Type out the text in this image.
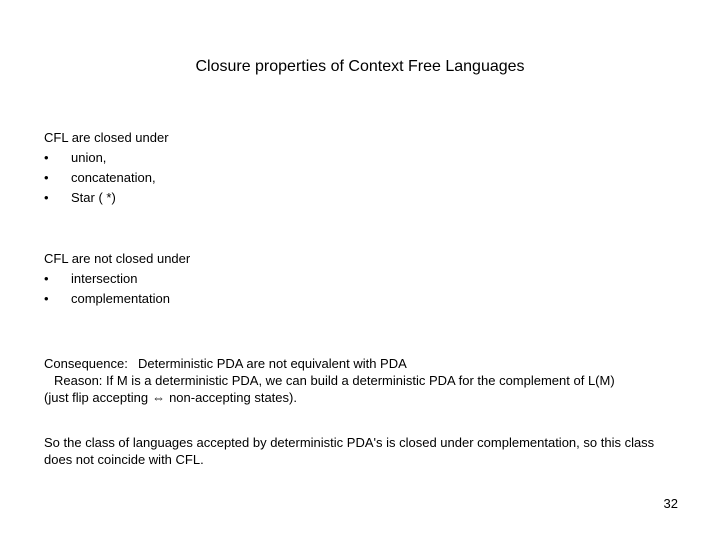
Closure properties of Context Free Languages
CFL are closed under
•	union,
•	concatenation,
•	Star ( *)
CFL are not closed under
•	intersection
•	complementation
Consequence: Deterministic PDA are not equivalent with PDA
Reason: If M is a deterministic PDA, we can build a deterministic PDA for the complement of L(M)
(just flip accepting ⇔ non-accepting states).
So the class of languages accepted by deterministic PDA's is closed under complementation, so this class does not coincide with CFL.
32
